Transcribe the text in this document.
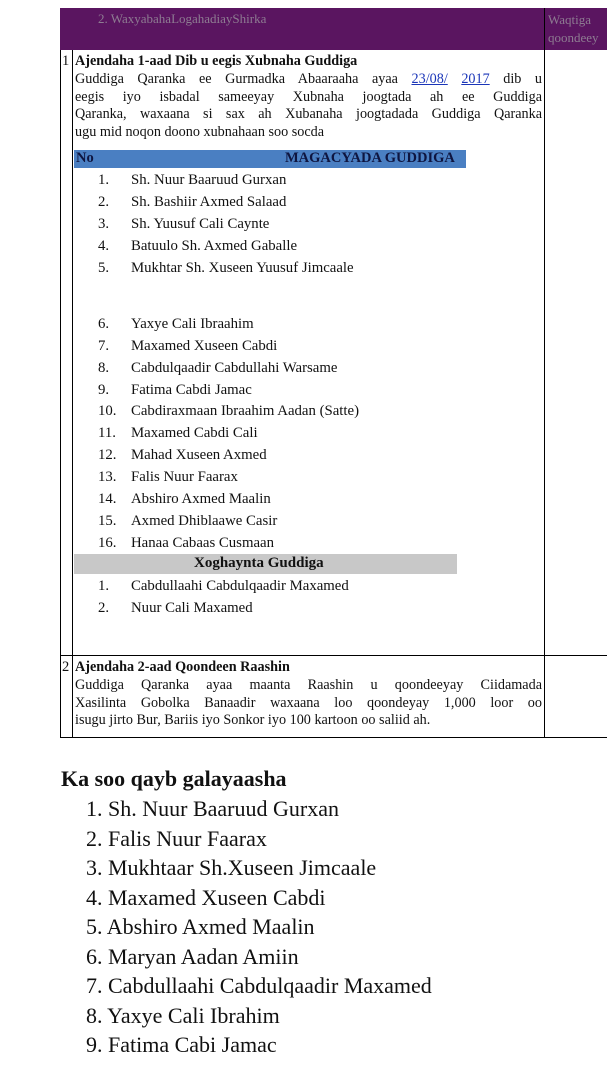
2. WaxyabahaLogahadiayShirka	Waqtiga
qoondeey
1 Ajendaha 1-aad Dib u eegis Xubnaha Guddiga
Guddiga Qaranka ee Gurmadka Abaaraaha ayaa 23/08/ 2017 dib u
eegis iyo isbadal sameeyay Xubnaha joogtada ah ee Guddiga
Qaranka, waxaana si sax ah Xubanaha joogtadada Guddiga Qaranka
ugu mid noqon doono xubnahaan soo socda
No	MAGACYADA GUDDIGA
1. Sh. Nuur Baaruud Gurxan
2. Sh. Bashiir Axmed Salaad
3. Sh. Yuusuf Cali Caynte
4. Batuulo Sh. Axmed Gaballe
5. Mukhtar Sh. Xuseen Yuusuf Jimcaale
6. Yaxye Cali Ibraahim
7. Maxamed Xuseen Cabdi
8. Cabdulqaadir Cabdullahi Warsame
9. Fatima Cabdi Jamac
10. Cabdiraxmaan Ibraahim Aadan (Satte)
11. Maxamed Cabdi Cali
12. Mahad Xuseen Axmed
13. Falis Nuur Faarax
14. Abshiro Axmed Maalin
15. Axmed Dhiblaawe Casir
16. Hanaa Cabaas Cusmaan
Xoghaynta Guddiga
1. Cabdullaahi Cabdulqaadir Maxamed
2. Nuur Cali Maxamed
2 Ajendaha 2-aad Qoondeen Raashin
Guddiga Qaranka ayaa maanta Raashin u qoondeeyay Ciidamada
Xasilinta Gobolka Banaadir waxaana loo qoondeyay 1,000 loor oo
isugu jirto Bur, Bariis iyo Sonkor iyo 100 kartoon oo saliid ah.
Ka soo qayb galayaasha
1. Sh. Nuur Baaruud Gurxan
2. Falis Nuur Faarax
3. Mukhtaar Sh.Xuseen Jimcaale
4. Maxamed Xuseen Cabdi
5. Abshiro Axmed Maalin
6. Maryan Aadan Amiin
7. Cabdullaahi Cabdulqaadir Maxamed
8. Yaxye Cali Ibrahim
9. Fatima Cabi Jamac
